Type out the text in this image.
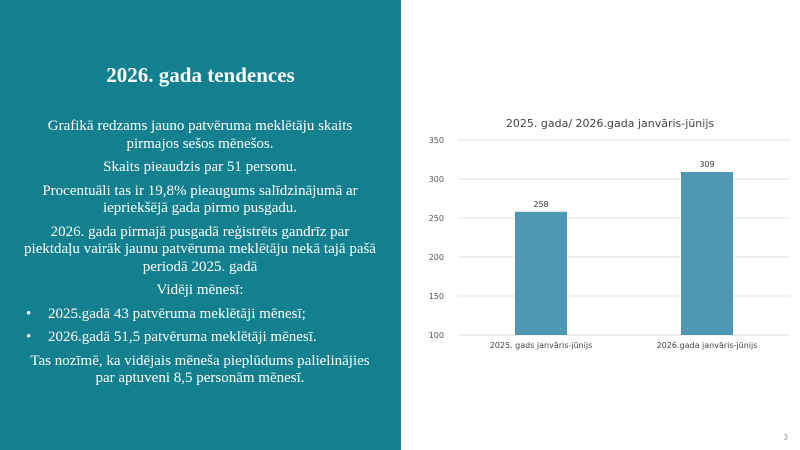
2026. gada tendences

Grafikā redzams jauno patvēruma meklētāju skaits pirmajos sešos mēnešos.

Skaits pieaudzis par 51 personu.

Procentuāli tas ir 19,8% pieaugums salīdzinājumā ar iepriekšējā gada pirmo pusgadu.

2026. gada pirmajā pusgadā reģistrēts gandrīz par piektdaļu vairāk jaunu patvēruma meklētāju nekā tajā pašā periodā 2025. gadā

Vidēji mēnesī:

• 2025.gadā 43 patvēruma meklētāji mēnesī;

• 2026.gadā 51,5 patvēruma meklētāji mēnesī.

Tas nozīmē, ka vidējais mēneša pieplūdums palielinājies par aptuveni 8,5 personām mēnesī.

2025. gada/ 2026.gada janvāris-jūnijs
100
150
200
250
300
350
258
2025. gads janvāris-jūnijs
309
2026.gada janvāris-jūnijs
3
